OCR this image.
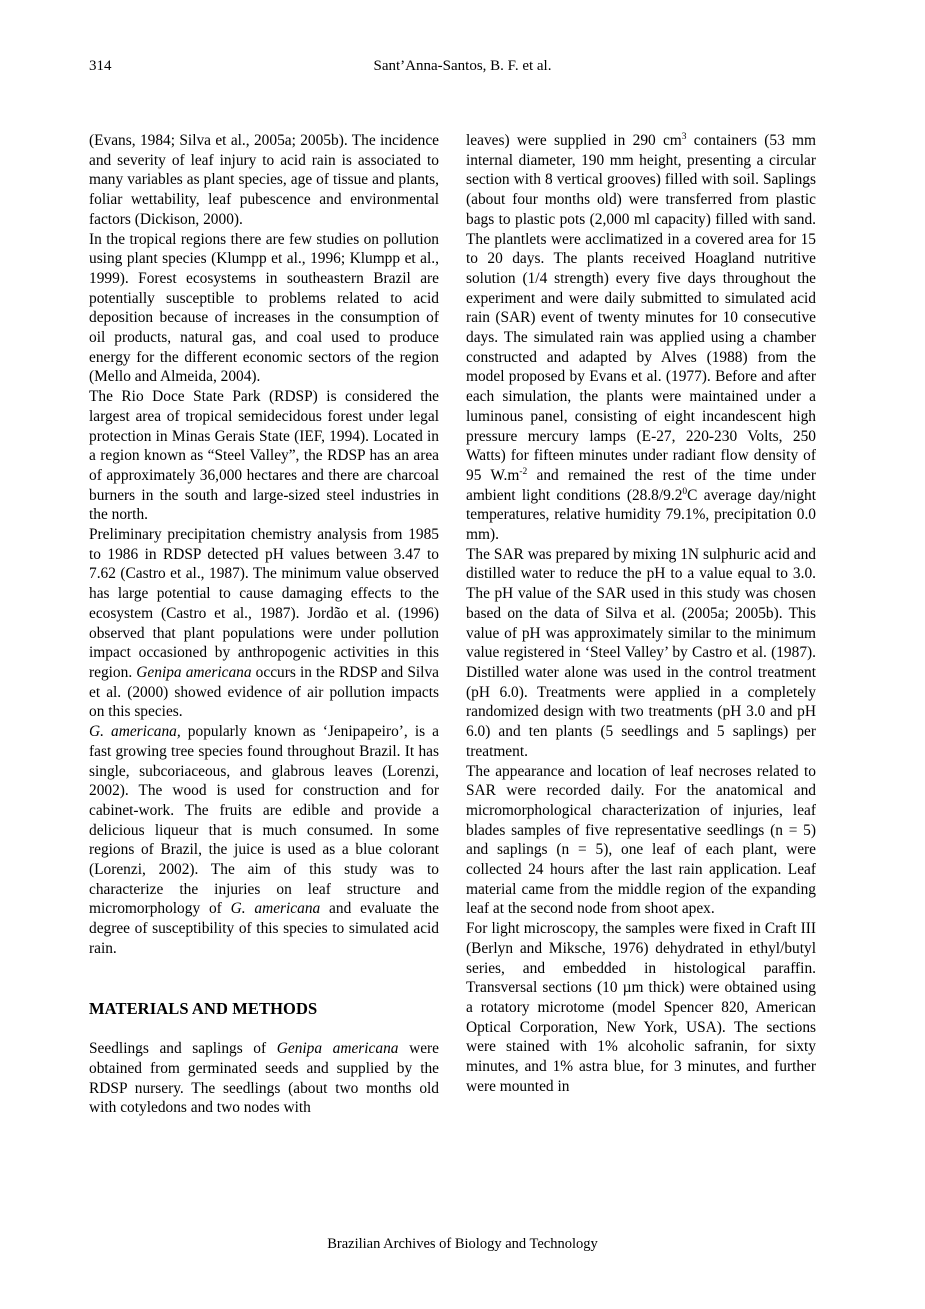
314	Sant’Anna-Santos, B. F. et al.

(Evans, 1984; Silva et al., 2005a; 2005b). The incidence and severity of leaf injury to acid rain is associated to many variables as plant species, age of tissue and plants, foliar wettability, leaf pubescence and environmental factors (Dickison, 2000).

In the tropical regions there are few studies on pollution using plant species (Klumpp et al., 1996; Klumpp et al., 1999). Forest ecosystems in southeastern Brazil are potentially susceptible to problems related to acid deposition because of increases in the consumption of oil products, natural gas, and coal used to produce energy for the different economic sectors of the region (Mello and Almeida, 2004).

The Rio Doce State Park (RDSP) is considered the largest area of tropical semidecidous forest under legal protection in Minas Gerais State (IEF, 1994). Located in a region known as “Steel Valley”, the RDSP has an area of approximately 36,000 hectares and there are charcoal burners in the south and large-sized steel industries in the north.

Preliminary precipitation chemistry analysis from 1985 to 1986 in RDSP detected pH values between 3.47 to 7.62 (Castro et al., 1987). The minimum value observed has large potential to cause damaging effects to the ecosystem (Castro et al., 1987). Jordão et al. (1996) observed that plant populations were under pollution impact occasioned by anthropogenic activities in this region. Genipa americana occurs in the RDSP and Silva et al. (2000) showed evidence of air pollution impacts on this species.

G. americana, popularly known as ‘Jenipapeiro’, is a fast growing tree species found throughout Brazil. It has single, subcoriaceous, and glabrous leaves (Lorenzi, 2002). The wood is used for construction and for cabinet-work. The fruits are edible and provide a delicious liqueur that is much consumed. In some regions of Brazil, the juice is used as a blue colorant (Lorenzi, 2002). The aim of this study was to characterize the injuries on leaf structure and micromorphology of G. americana and evaluate the degree of susceptibility of this species to simulated acid rain.

MATERIALS AND METHODS

Seedlings and saplings of Genipa americana were obtained from germinated seeds and supplied by the RDSP nursery. The seedlings (about two months old with cotyledons and two nodes with

leaves) were supplied in 290 $cm^3$ containers (53 mm internal diameter, 190 mm height, presenting a circular section with 8 vertical grooves) filled with soil. Saplings (about four months old) were transferred from plastic bags to plastic pots (2,000 ml capacity) filled with sand. The plantlets were acclimatized in a covered area for 15 to 20 days. The plants received Hoagland nutritive solution (1/4 strength) every five days throughout the experiment and were daily submitted to simulated acid rain (SAR) event of twenty minutes for 10 consecutive days. The simulated rain was applied using a chamber constructed and adapted by Alves (1988) from the model proposed by Evans et al. (1977). Before and after each simulation, the plants were maintained under a luminous panel, consisting of eight incandescent high pressure mercury lamps (E-27, 220-230 Volts, 250 Watts) for fifteen minutes under radiant flow density of 95 $W.m^{-2}$ and remained the rest of the time under ambient light conditions ($28.8/9.2^0C$ average day/night temperatures, relative humidity 79.1%, precipitation 0.0 mm).

The SAR was prepared by mixing 1N sulphuric acid and distilled water to reduce the pH to a value equal to 3.0. The pH value of the SAR used in this study was chosen based on the data of Silva et al. (2005a; 2005b). This value of pH was approximately similar to the minimum value registered in ‘Steel Valley’ by Castro et al. (1987). Distilled water alone was used in the control treatment (pH 6.0). Treatments were applied in a completely randomized design with two treatments (pH 3.0 and pH 6.0) and ten plants (5 seedlings and 5 saplings) per treatment.

The appearance and location of leaf necroses related to SAR were recorded daily. For the anatomical and micromorphological characterization of injuries, leaf blades samples of five representative seedlings (n = 5) and saplings (n = 5), one leaf of each plant, were collected 24 hours after the last rain application. Leaf material came from the middle region of the expanding leaf at the second node from shoot apex.

For light microscopy, the samples were fixed in Craft III (Berlyn and Miksche, 1976) dehydrated in ethyl/butyl series, and embedded in histological paraffin. Transversal sections (10 µm thick) were obtained using a rotatory microtome (model Spencer 820, American Optical Corporation, New York, USA). The sections were stained with 1% alcoholic safranin, for sixty minutes, and 1% astra blue, for 3 minutes, and further were mounted in

Brazilian Archives of Biology and Technology
